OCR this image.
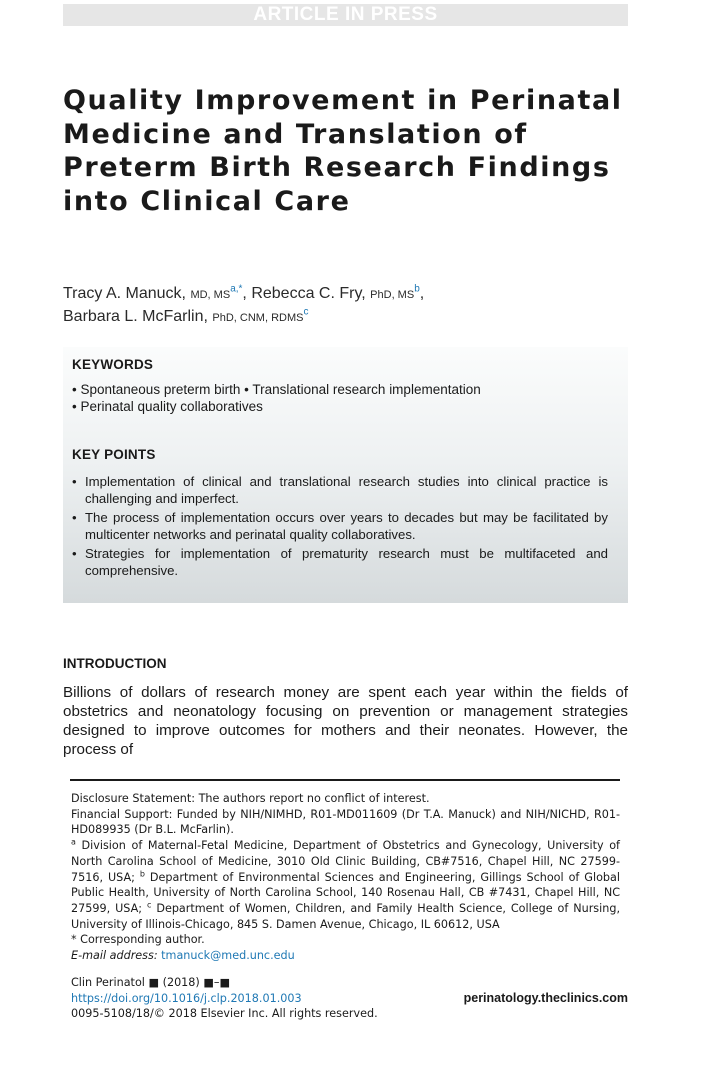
ARTICLE IN PRESS
Quality Improvement in Perinatal Medicine and Translation of Preterm Birth Research Findings into Clinical Care
Tracy A. Manuck, MD, $MS^{a,*}$, Rebecca C. Fry, PhD, $MS^b$,
Barbara L. McFarlin, PhD, CNM, RDMS$^c$
KEYWORDS
• Spontaneous preterm birth • Translational research implementation
• Perinatal quality collaboratives
KEY POINTS
• Implementation of clinical and translational research studies into clinical practice is challenging and imperfect.
• The process of implementation occurs over years to decades but may be facilitated by multicenter networks and perinatal quality collaboratives.
• Strategies for implementation of prematurity research must be multifaceted and comprehensive.
INTRODUCTION

Billions of dollars of research money are spent each year within the fields of obstetrics and neonatology focusing on prevention or management strategies designed to improve outcomes for mothers and their neonates. However, the process of

Disclosure Statement: The authors report no conflict of interest.

Financial Support: Funded by NIH/NIMHD, R01-MD011609 (Dr T.A. Manuck) and NIH/NICHD, R01-HD089935 (Dr B.L. McFarlin).

$^a$ Division of Maternal-Fetal Medicine, Department of Obstetrics and Gynecology, University of North Carolina School of Medicine, 3010 Old Clinic Building, CB#7516, Chapel Hill, NC 27599-7516, USA; $^b$ Department of Environmental Sciences and Engineering, Gillings School of Global Public Health, University of North Carolina School, 140 Rosenau Hall, CB #7431, Chapel Hill, NC 27599, USA; $^c$ Department of Women, Children, and Family Health Science, College of Nursing, University of Illinois-Chicago, 845 S. Damen Avenue, Chicago, IL 60612, USA

* Corresponding author.

E-mail address: tmanuck@med.unc.edu

Clin Perinatol ■ (2018) ■–■
https://doi.org/10.1016/j.clp.2018.01.003
0095-5108/18/© 2018 Elsevier Inc. All rights reserved.
perinatology.theclinics.com
